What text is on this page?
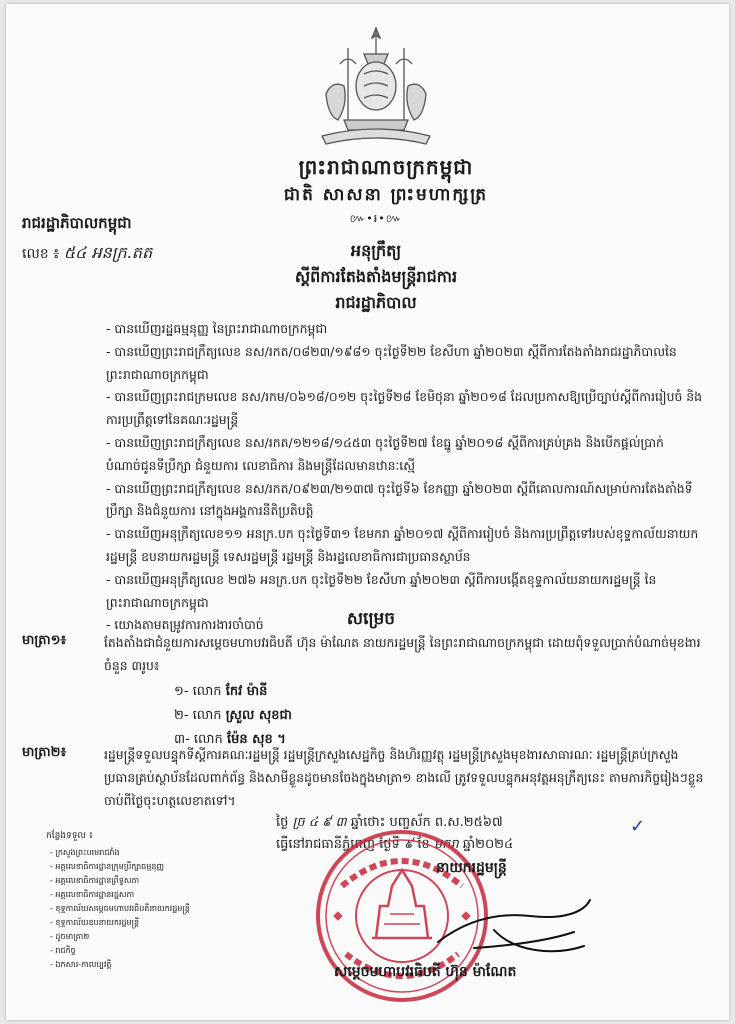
ព្រះរាជាណាចក្រកម្ពុជា
ជាតិ សាសនា ព្រះមហាក្សត្រ
៚•៛•៚
រាជរដ្ឋាភិបាលកម្ពុជា
លេខ ៖ ៥៤ អនក្រ.តត	អនុក្រឹត្យ
ស្តីពីការតែងតាំងមន្ត្រីរាជការ
រាជរដ្ឋាភិបាល
- បានឃើញរដ្ឋធម្មនុញ្ញ នៃព្រះរាជាណាចក្រកម្ពុជា
- បានឃើញព្រះរាជក្រឹត្យលេខ នស/រកត/០៨២៣/១៩៨១ ចុះថ្ងៃទី២២ ខែសីហា ឆ្នាំ២០២៣ ស្តីពីការតែងតាំងរាជរដ្ឋាភិបាលនៃព្រះរាជាណាចក្រកម្ពុជា
- បានឃើញព្រះរាជក្រមលេខ នស/រកម/០៦១៨/០១២ ចុះថ្ងៃទី២៨ ខែមិថុនា ឆ្នាំ២០១៨ ដែលប្រកាសឱ្យប្រើច្បាប់ស្តីពីការរៀបចំ និងការប្រព្រឹត្តទៅនៃគណៈរដ្ឋមន្ត្រី
- បានឃើញព្រះរាជក្រឹត្យលេខ នស/រកត/១២១៨/១៤៥៣ ចុះថ្ងៃទី២៧ ខែធ្នូ ឆ្នាំ២០១៨ ស្តីពីការគ្រប់គ្រង និងបើកផ្តល់ប្រាក់បំណាច់ជូនទីប្រឹក្សា ជំនួយការ លេខាធិការ និងមន្ត្រីដែលមានឋានៈស្មើ
- បានឃើញព្រះរាជក្រឹត្យលេខ នស/រកត/០៩២៣/២១៣៧ ចុះថ្ងៃទី៦ ខែកញ្ញា ឆ្នាំ២០២៣ ស្តីពីគោលការណ៍សម្រាប់ការតែងតាំងទីប្រឹក្សា និងជំនួយការ នៅក្នុងអង្គការនីតិប្រតិបត្តិ
- បានឃើញអនុក្រឹត្យលេខ១១ អនក្រ.បក ចុះថ្ងៃទី៣១ ខែមករា ឆ្នាំ២០១៧ ស្តីពីការរៀបចំ និងការប្រព្រឹត្តទៅរបស់ខុទ្ទកាល័យនាយករដ្ឋមន្ត្រី ឧបនាយករដ្ឋមន្ត្រី ទេសរដ្ឋមន្ត្រី រដ្ឋមន្ត្រី និងរដ្ឋលេខាធិការជាប្រធានស្ថាប័ន
- បានឃើញអនុក្រឹត្យលេខ ២៧៦ អនក្រ.បក ចុះថ្ងៃទី២២ ខែសីហា ឆ្នាំ២០២៣ ស្តីពីការបង្កើតខុទ្ទកាល័យនាយករដ្ឋមន្ត្រី នៃព្រះរាជាណាចក្រកម្ពុជា
- យោងតាមតម្រូវការការងារចាំបាច់	សម្រេច
មាត្រា១៖	តែងតាំងជាជំនួយការសម្តេចមហាបវរធិបតី ហ៊ុន ម៉ាណែត នាយករដ្ឋមន្ត្រី នៃព្រះរាជាណាចក្រកម្ពុជា ដោយពុំទទួលប្រាក់បំណាច់មុខងារ ចំនួន ៣រូប៖
១- លោក កែវ ម៉ានី
២- លោក ស្រួល សុខជា
៣- លោក ម៉ែន សុខ ។
មាត្រា២៖	រដ្ឋមន្ត្រីទទួលបន្ទុកទីស្តីការគណៈរដ្ឋមន្ត្រី រដ្ឋមន្ត្រីក្រសួងសេដ្ឋកិច្ច និងហិរញ្ញវត្ថុ រដ្ឋមន្ត្រីក្រសួងមុខងារសាធារណៈ រដ្ឋមន្ត្រីគ្រប់ក្រសួង ប្រធានគ្រប់ស្ថាប័នដែលពាក់ព័ន្ធ និងសាមីខ្លួនដូចមានចែងក្នុងមាត្រា១ ខាងលើ ត្រូវទទួលបន្ទុកអនុវត្តអនុក្រឹត្យនេះ តាមភារកិច្ចរៀងៗខ្លួនចាប់ពីថ្ងៃចុះហត្ថលេខាតទៅ។
ថ្ងៃ ច្រ ៤ ៩ ៣ ឆ្នាំថោះ បញ្ចស័ក ព.ស.២៥៦៧
ធ្វើនៅរាជធានីភ្នំពេញ ថ្ងៃទី ៩ ខែ មករា ឆ្នាំ២០២៤
✓
កន្លែងទទួល ៖
- ក្រសួងព្រះបរមរាជវាំង
- អគ្គលេខាធិការដ្ឋានក្រុមប្រឹក្សាធម្មនុញ្ញ
- អគ្គលេខាធិការដ្ឋានព្រឹទ្ធសភា
- អគ្គលេខាធិការដ្ឋានរដ្ឋសភា
- ខុទ្ទកាល័យសម្តេចមហាបវរធិបតីនាយករដ្ឋមន្ត្រី
- ខុទ្ទកាល័យឧបនាយករដ្ឋមន្ត្រី
- ដូចមាត្រា២
- រាជកិច្ច
- ឯកសារ-កាលប្បវត្តិ
នាយករដ្ឋមន្ត្រី
សម្តេចមហាបវរធិបតី ហ៊ុន ម៉ាណែត
